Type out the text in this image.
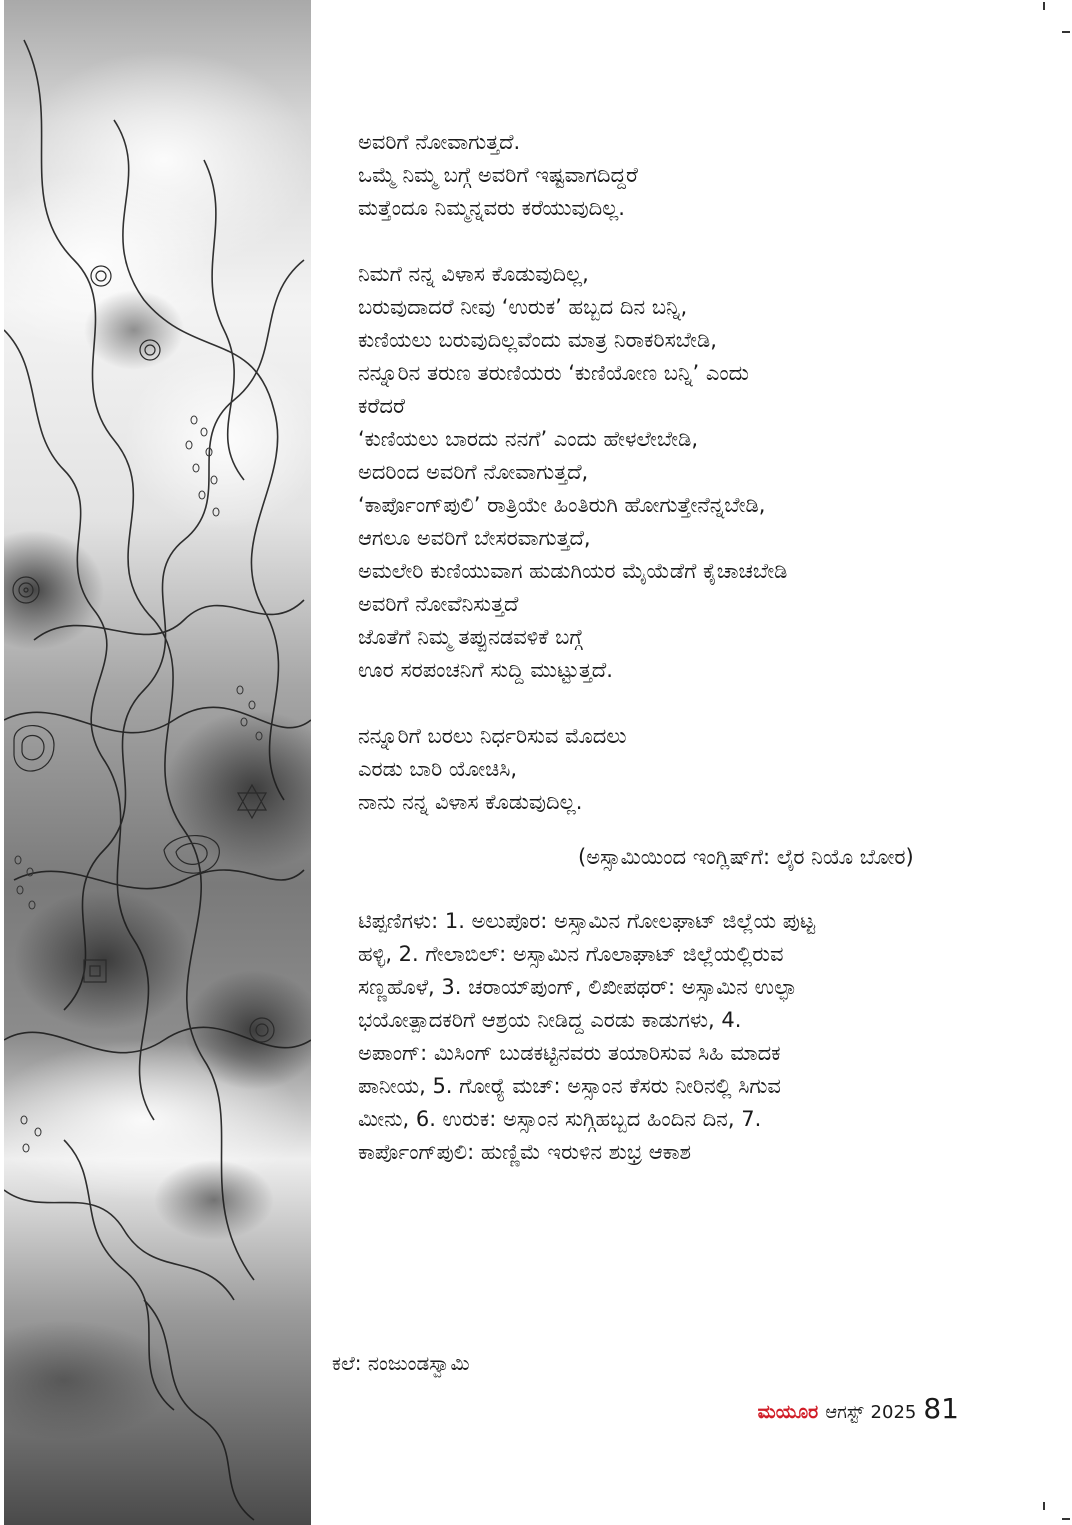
ಅವರಿಗೆ ನೋವಾಗುತ್ತದೆ.
ಒಮ್ಮೆ ನಿಮ್ಮ ಬಗ್ಗೆ ಅವರಿಗೆ ಇಷ್ಟವಾಗದಿದ್ದರೆ
ಮತ್ತೆಂದೂ ನಿಮ್ಮನ್ನವರು ಕರೆಯುವುದಿಲ್ಲ.
ನಿಮಗೆ ನನ್ನ ವಿಳಾಸ ಕೊಡುವುದಿಲ್ಲ,
ಬರುವುದಾದರೆ ನೀವು ‘ಉರುಕ’ ಹಬ್ಬದ ದಿನ ಬನ್ನಿ,
ಕುಣಿಯಲು ಬರುವುದಿಲ್ಲವೆಂದು ಮಾತ್ರ ನಿರಾಕರಿಸಬೇಡಿ,
ನನ್ನೂರಿನ ತರುಣ ತರುಣಿಯರು ‘ಕುಣಿಯೋಣ ಬನ್ನಿ’ ಎಂದು
ಕರೆದರೆ
‘ಕುಣಿಯಲು ಬಾರದು ನನಗೆ’ ಎಂದು ಹೇಳಲೇಬೇಡಿ,
ಅದರಿಂದ ಅವರಿಗೆ ನೋವಾಗುತ್ತದೆ,
‘ಕಾರ್ಪೊಂಗ್‌ಪುಲಿ’ ರಾತ್ರಿಯೇ ಹಿಂತಿರುಗಿ ಹೋಗುತ್ತೇನೆನ್ನಬೇಡಿ,
ಆಗಲೂ ಅವರಿಗೆ ಬೇಸರವಾಗುತ್ತದೆ,
ಅಮಲೇರಿ ಕುಣಿಯುವಾಗ ಹುಡುಗಿಯರ ಮೈಯೆಡೆಗೆ ಕೈಚಾಚಬೇಡಿ
ಅವರಿಗೆ ನೋವೆನಿಸುತ್ತದೆ
ಜೊತೆಗೆ ನಿಮ್ಮ ತಪ್ಪುನಡವಳಿಕೆ ಬಗ್ಗೆ
ಊರ ಸರಪಂಚನಿಗೆ ಸುದ್ದಿ ಮುಟ್ಟುತ್ತದೆ.
ನನ್ನೂರಿಗೆ ಬರಲು ನಿರ್ಧರಿಸುವ ಮೊದಲು
ಎರಡು ಬಾರಿ ಯೋಚಿಸಿ,
ನಾನು ನನ್ನ ವಿಳಾಸ ಕೊಡುವುದಿಲ್ಲ.
(ಅಸ್ಸಾಮಿಯಿಂದ ಇಂಗ್ಲಿಷ್‌ಗೆ: ಲೈರ ನಿಯೊ ಬೋರ)
ಟಿಪ್ಪಣಿಗಳು: 1. ಅಲುಪೊರ: ಅಸ್ಸಾಮಿನ ಗೋಲಘಾಟ್ ಜಿಲ್ಲೆಯ ಪುಟ್ಟ
ಹಳ್ಳಿ, 2. ಗೇಲಾಬಿಲ್: ಅಸ್ಸಾಮಿನ ಗೊಲಾಘಾಟ್ ಜಿಲ್ಲೆಯಲ್ಲಿರುವ
ಸಣ್ಣಹೊಳೆ, 3. ಚರಾಯ್‌ಪುಂಗ್, ಲಿಖೀಪಥರ್: ಅಸ್ಸಾಮಿನ ಉಲ್ಫಾ
ಭಯೋತ್ಪಾದಕರಿಗೆ ಆಶ್ರಯ ನೀಡಿದ್ದ ಎರಡು ಕಾಡುಗಳು, 4.
ಅಪಾಂಗ್: ಮಿಸಿಂಗ್ ಬುಡಕಟ್ಟಿನವರು ತಯಾರಿಸುವ ಸಿಹಿ ಮಾದಕ
ಪಾನೀಯ, 5. ಗೋರ್‍ಯೆ ಮಚ್: ಅಸ್ಸಾಂನ ಕೆಸರು ನೀರಿನಲ್ಲಿ ಸಿಗುವ
ಮೀನು, 6. ಉರುಕ: ಅಸ್ಸಾಂನ ಸುಗ್ಗಿಹಬ್ಬದ ಹಿಂದಿನ ದಿನ, 7.
ಕಾರ್ಪೊಂಗ್‌ಪುಲಿ: ಹುಣ್ಣಿಮೆ ಇರುಳಿನ ಶುಭ್ರ ಆಕಾಶ
ಕಲೆ: ನಂಜುಂಡಸ್ವಾಮಿ
ಮಯೂರ ಆಗಸ್ಟ್ 2025 81
